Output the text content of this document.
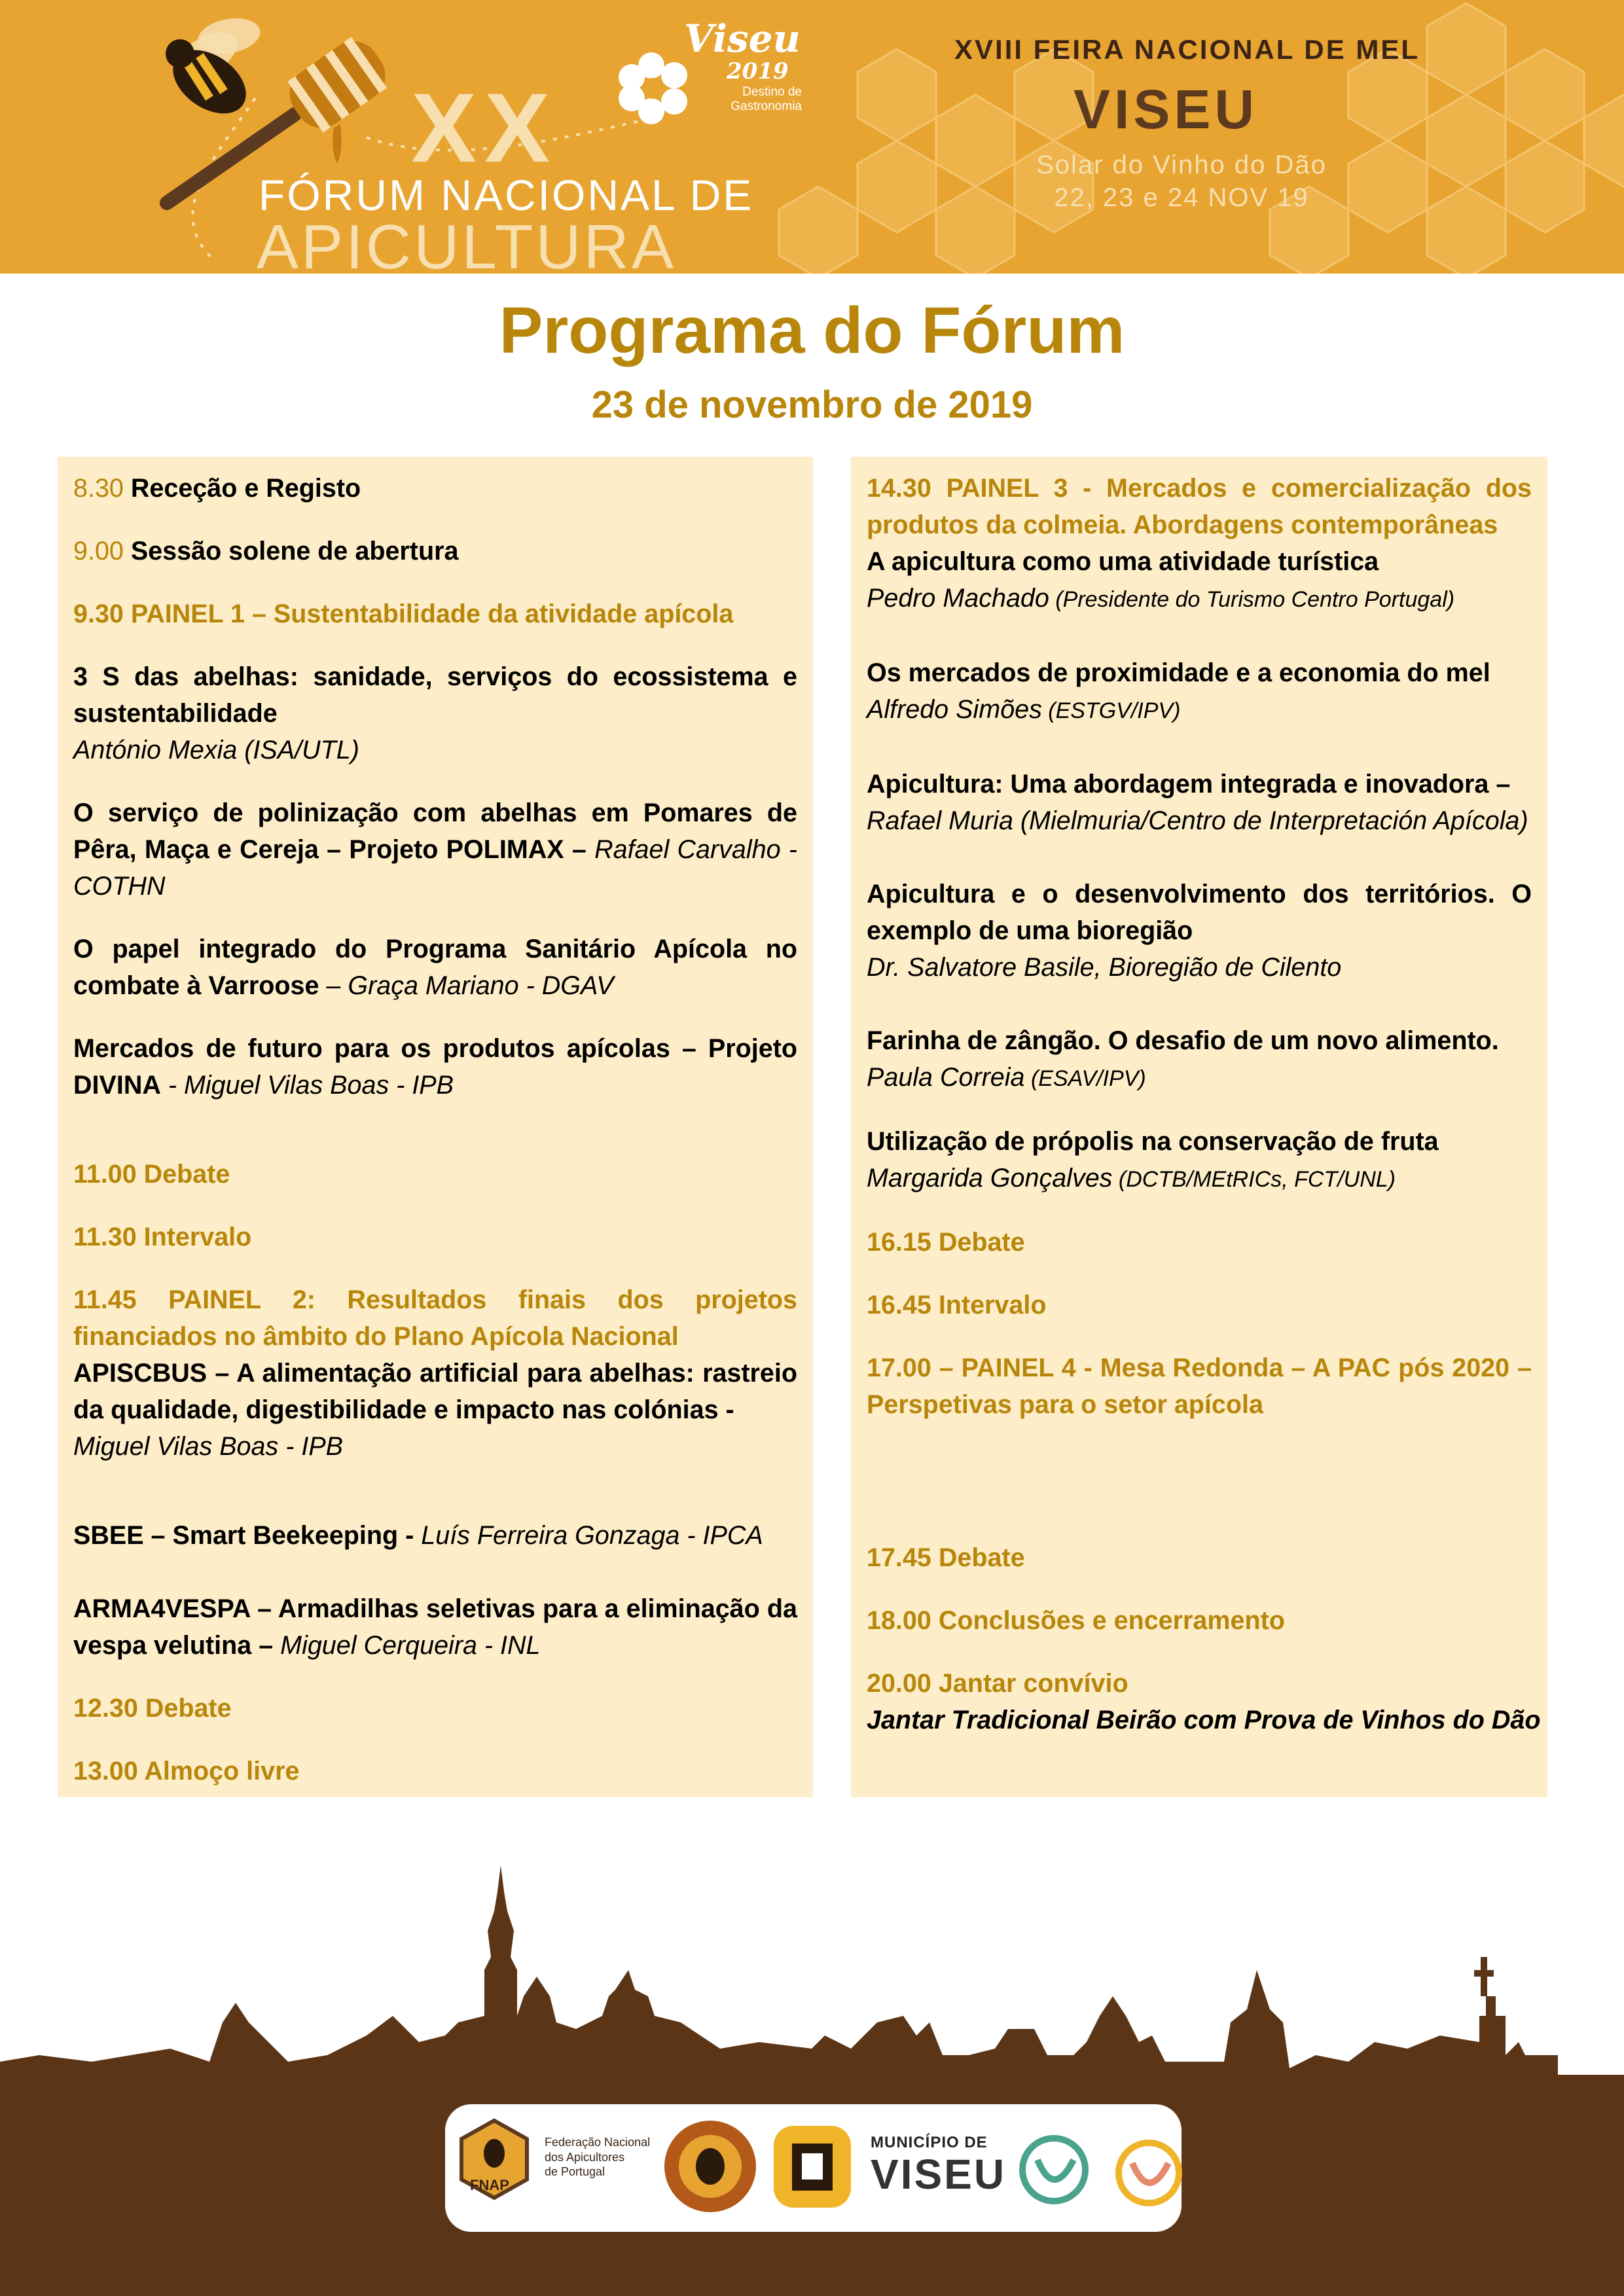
XX
FÓRUM NACIONAL DE
APICULTURA
Viseu
2019
Destino de
Gastronomia
XVIII FEIRA NACIONAL DE MEL
VISEU
Solar do Vinho do Dão
22, 23 e 24 NOV 19
Programa do Fórum
23 de novembro de 2019

8.30 Receção e Registo

9.00 Sessão solene de abertura

9.30 PAINEL 1 – Sustentabilidade da atividade apícola

3 S das abelhas: sanidade, serviços do ecossistema e sustentabilidade
António Mexia (ISA/UTL)

O serviço de polinização com abelhas em Pomares de Pêra, Maça e Cereja – Projeto POLIMAX – Rafael Carvalho - COTHN

O papel integrado do Programa Sanitário Apícola no combate à Varroose – Graça Mariano - DGAV

Mercados de futuro para os produtos apícolas – Projeto DIVINA - Miguel Vilas Boas - IPB

11.00 Debate

11.30 Intervalo

11.45 PAINEL 2: Resultados finais dos projetos financiados no âmbito do Plano Apícola Nacional

APISCBUS – A alimentação artificial para abelhas: rastreio da qualidade, digestibilidade e impacto nas colónias -
Miguel Vilas Boas - IPB

SBEE – Smart Beekeeping - Luís Ferreira Gonzaga - IPCA

ARMA4VESPA – Armadilhas seletivas para a eliminação da vespa velutina – Miguel Cerqueira - INL

12.30 Debate

13.00 Almoço livre

14.30 PAINEL 3 - Mercados e comercialização dos produtos da colmeia. Abordagens contemporâneas

A apicultura como uma atividade turística
Pedro Machado (Presidente do Turismo Centro Portugal)

Os mercados de proximidade e a economia do mel
Alfredo Simões (ESTGV/IPV)

Apicultura: Uma abordagem integrada e inovadora –
Rafael Muria (Mielmuria/Centro de Interpretación Apícola)

Apicultura e o desenvolvimento dos territórios. O exemplo de uma bioregião
Dr. Salvatore Basile, Bioregião de Cilento

Farinha de zângão. O desafio de um novo alimento.
Paula Correia (ESAV/IPV)

Utilização de própolis na conservação de fruta
Margarida Gonçalves (DCTB/MEtRICs, FCT/UNL)

16.15 Debate

16.45 Intervalo

17.00 – PAINEL 4 - Mesa Redonda – A PAC pós 2020 – Perspetivas para o setor apícola

17.45 Debate

18.00 Conclusões e encerramento

20.00 Jantar convívio

Jantar Tradicional Beirão com Prova de Vinhos do Dão

Federação Nacional
dos Apicultores
de Portugal
FNAP
MUNICÍPIO DE
VISEU
